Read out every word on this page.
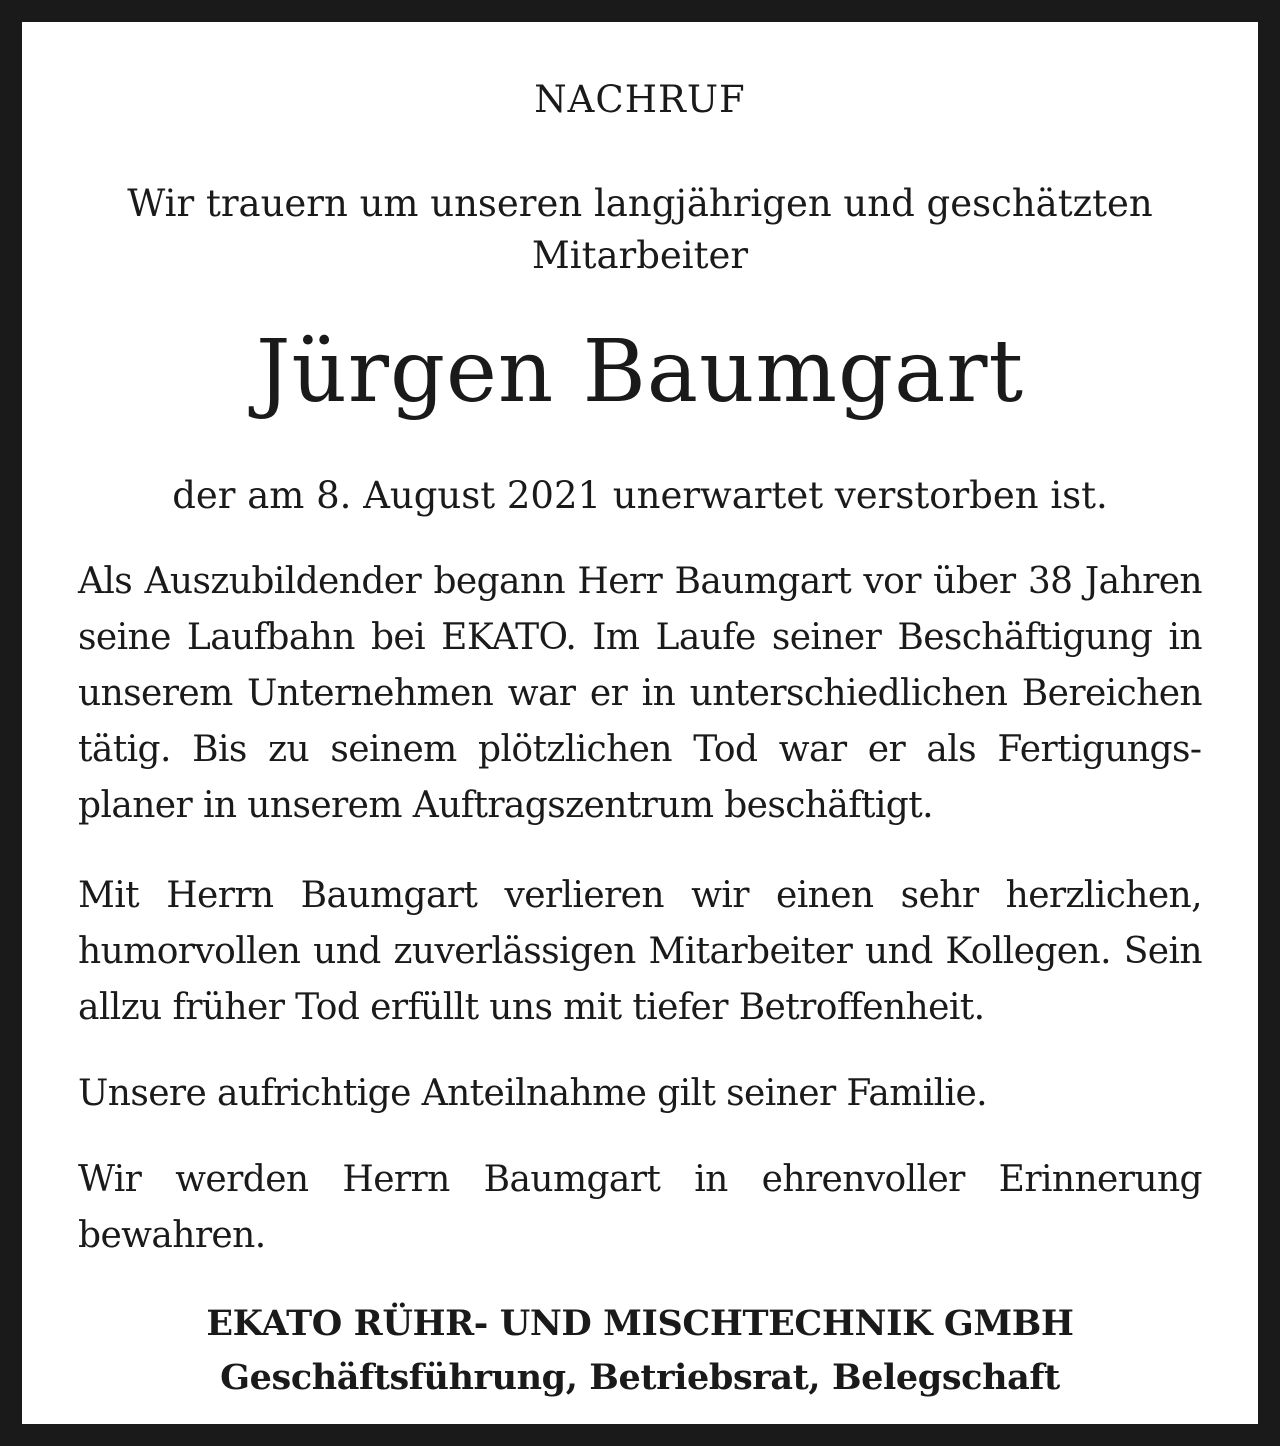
NACHRUF
Wir trauern um unseren langjährigen und geschätzten
Mitarbeiter
Jürgen Baumgart
der am 8. August 2021 unerwartet verstorben ist.

Als Auszubildender begann Herr Baumgart vor über 38 Jahren seine Laufbahn bei EKATO. Im Laufe seiner Beschäftigung in unserem Unternehmen war er in unterschiedlichen Bereichen tätig. Bis zu seinem plötzlichen Tod war er als Fertigungsplaner in unserem Auftragszentrum beschäftigt.

Mit Herrn Baumgart verlieren wir einen sehr herzlichen, humorvollen und zuverlässigen Mitarbeiter und Kollegen. Sein allzu früher Tod erfüllt uns mit tiefer Betroffenheit.

Unsere aufrichtige Anteilnahme gilt seiner Familie.

Wir werden Herrn Baumgart in ehrenvoller Erinnerung bewahren.

EKATO RÜHR- UND MISCHTECHNIK GMBH
Geschäftsführung, Betriebsrat, Belegschaft
